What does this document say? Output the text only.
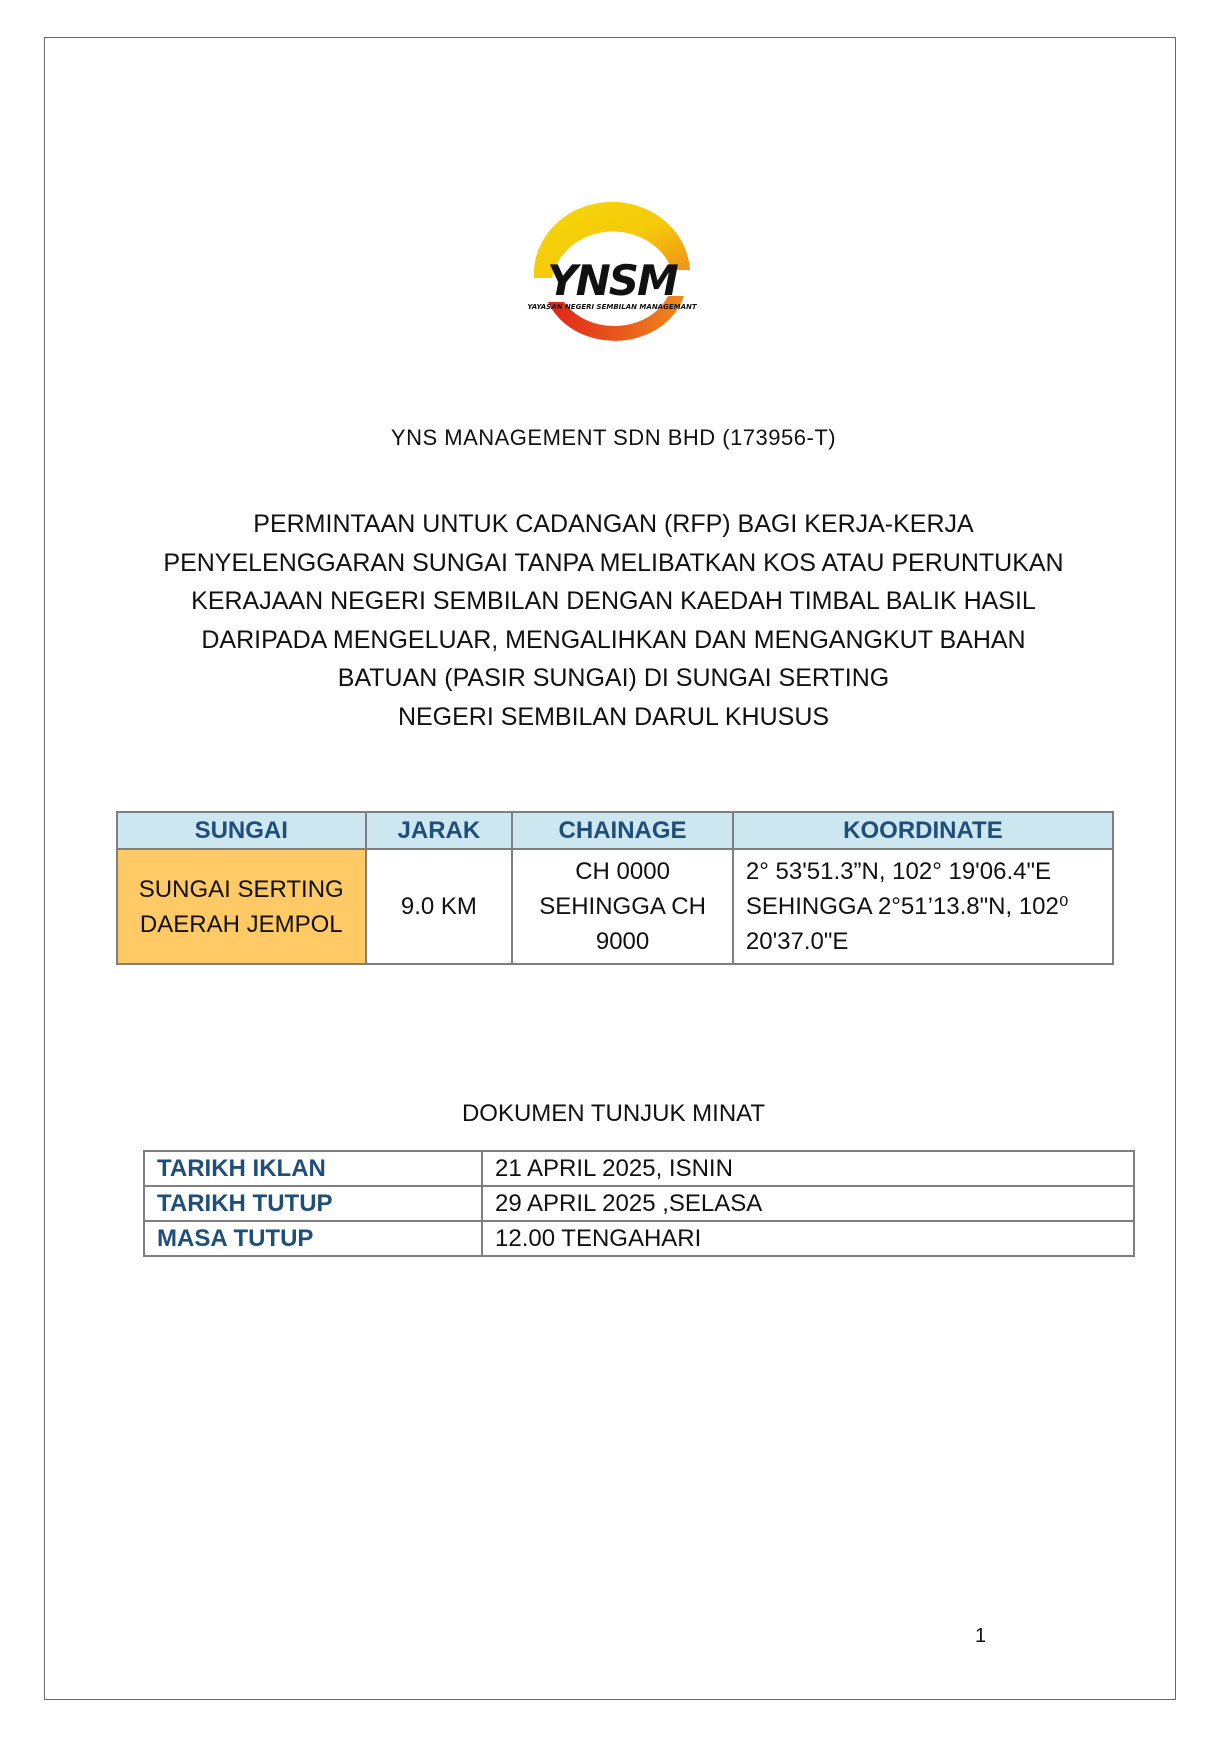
YNSM
YAYASAN NEGERI SEMBILAN MANAGEMANT
YNS MANAGEMENT SDN BHD (173956-T)
PERMINTAAN UNTUK CADANGAN (RFP) BAGI KERJA-KERJA
PENYELENGGARAN SUNGAI TANPA MELIBATKAN KOS ATAU PERUNTUKAN
KERAJAAN NEGERI SEMBILAN DENGAN KAEDAH TIMBAL BALIK HASIL
DARIPADA MENGELUAR, MENGALIHKAN DAN MENGANGKUT BAHAN
BATUAN (PASIR SUNGAI) DI SUNGAI SERTING
NEGERI SEMBILAN DARUL KHUSUS
SUNGAI	JARAK	CHAINAGE	KOORDINATE
SUNGAI SERTING DAERAH JEMPOL	9.0 KM	CH 0000 SEHINGGA CH 9000	2° 53'51.3”N, 102° 19'06.4"E SEHINGGA 2°51’13.8"N, 102⁰ 20'37.0"E
DOKUMEN TUNJUK MINAT
TARIKH IKLAN	21 APRIL 2025, ISNIN
TARIKH TUTUP	29 APRIL 2025 ,SELASA
MASA TUTUP	12.00 TENGAHARI
1
